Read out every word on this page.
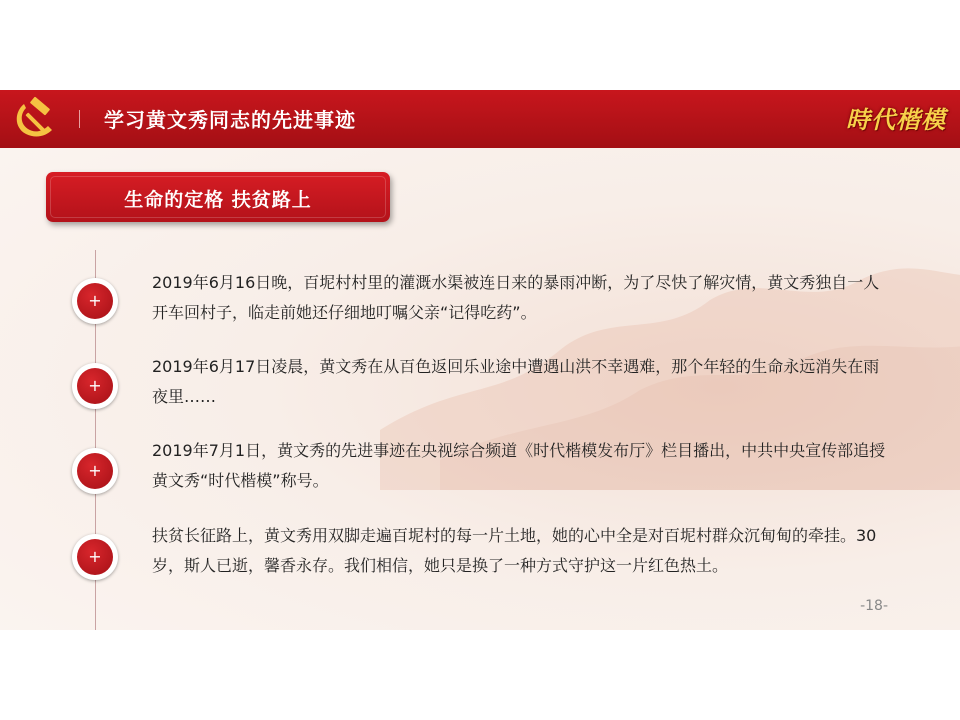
学习黄文秀同志的先进事迹	時代楷模
生命的定格 扶贫路上
+
2019年6月16日晚，百坭村村里的灌溉水渠被连日来的暴雨冲断，为了尽快了解灾情，黄文秀独自一人开车回村子，临走前她还仔细地叮嘱父亲“记得吃药”。
+
2019年6月17日凌晨，黄文秀在从百色返回乐业途中遭遇山洪不幸遇难，那个年轻的生命永远消失在雨夜里……
+
2019年7月1日，黄文秀的先进事迹在央视综合频道《时代楷模发布厅》栏目播出，中共中央宣传部追授黄文秀“时代楷模”称号。
+
扶贫长征路上，黄文秀用双脚走遍百坭村的每一片土地，她的心中全是对百坭村群众沉甸甸的牵挂。30岁，斯人已逝，馨香永存。我们相信，她只是换了一种方式守护这一片红色热土。
-18-
